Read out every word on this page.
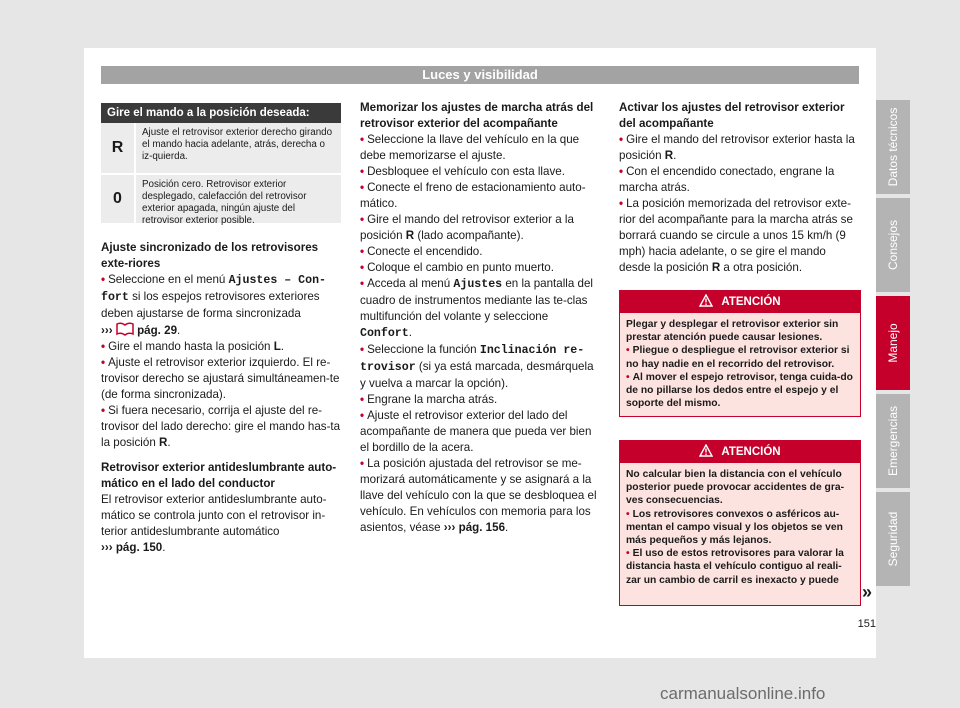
Luces y visibilidad
Gire el mando a la posición deseada:
R
Ajuste el retrovisor exterior derecho girando el mando hacia adelante, atrás, derecha o iz-quierda.
0
Posición cero. Retrovisor exterior desplegado, calefacción del retrovisor exterior apagada, ningún ajuste del retrovisor exterior posible.

Ajuste sincronizado de los retrovisores exte-riores

• Seleccione en el menú Ajustes – Con-fort si los espejos retrovisores exteriores deben ajustarse de forma sincronizada
››› pág. 29.

• Gire el mando hasta la posición L.

• Ajuste el retrovisor exterior izquierdo. El re-trovisor derecho se ajustará simultáneamen-te (de forma sincronizada).

• Si fuera necesario, corrija el ajuste del re-trovisor del lado derecho: gire el mando has-ta la posición R.

Retrovisor exterior antideslumbrante auto-mático en el lado del conductor

El retrovisor exterior antideslumbrante auto-mático se controla junto con el retrovisor in-terior antideslumbrante automático
››› pág. 150.

Memorizar los ajustes de marcha atrás del retrovisor exterior del acompañante

• Seleccione la llave del vehículo en la que debe memorizarse el ajuste.

• Desbloquee el vehículo con esta llave.

• Conecte el freno de estacionamiento auto-mático.

• Gire el mando del retrovisor exterior a la posición R (lado acompañante).

• Conecte el encendido.

• Coloque el cambio en punto muerto.

• Acceda al menú Ajustes en la pantalla del cuadro de instrumentos mediante las te-clas multifunción del volante y seleccione Confort.

• Seleccione la función Inclinación re-trovisor (si ya está marcada, desmárquela y vuelva a marcar la opción).

• Engrane la marcha atrás.

• Ajuste el retrovisor exterior del lado del acompañante de manera que pueda ver bien el bordillo de la acera.

• La posición ajustada del retrovisor se me-morizará automáticamente y se asignará a la llave del vehículo con la que se desbloquea el vehículo. En vehículos con memoria para los asientos, véase ››› pág. 156.

Activar los ajustes del retrovisor exterior del acompañante

• Gire el mando del retrovisor exterior hasta la posición R.

• Con el encendido conectado, engrane la marcha atrás.

• La posición memorizada del retrovisor exte-rior del acompañante para la marcha atrás se borrará cuando se circule a unos 15 km/h (9 mph) hacia adelante, o se gire el mando desde la posición R a otra posición.

ATENCIÓN

Plegar y desplegar el retrovisor exterior sin prestar atención puede causar lesiones.

• Pliegue o despliegue el retrovisor exterior si no hay nadie en el recorrido del retrovisor.

• Al mover el espejo retrovisor, tenga cuida-do de no pillarse los dedos entre el espejo y el soporte del mismo.

ATENCIÓN

No calcular bien la distancia con el vehículo posterior puede provocar accidentes de gra-ves consecuencias.

• Los retrovisores convexos o asféricos au-mentan el campo visual y los objetos se ven más pequeños y más lejanos.

• El uso de estos retrovisores para valorar la distancia hasta el vehículo contiguo al reali-zar un cambio de carril es inexacto y puede

»
Datos técnicos
Consejos
Manejo
Emergencias
Seguridad
151
carmanualsonline.info
